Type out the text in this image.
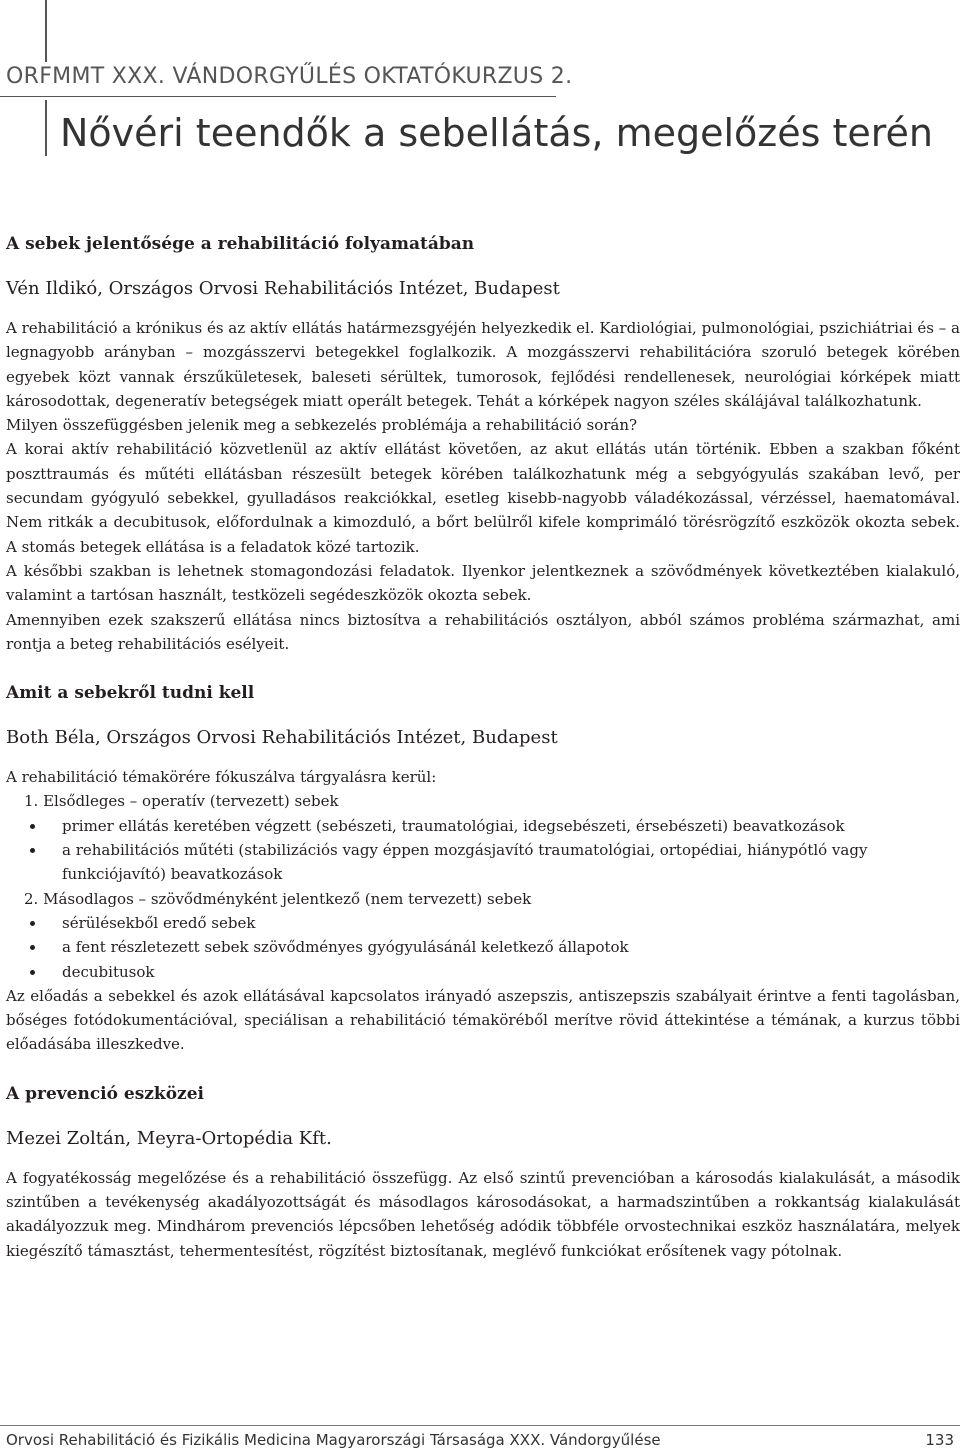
ORFMMT XXX. VÁNDORGYŰLÉS OKTATÓKURZUS 2.
Nővéri teendők a sebellátás, megelőzés terén
A sebek jelentősége a rehabilitáció folyamatában
Vén Ildikó, Országos Orvosi Rehabilitációs Intézet, Budapest

A rehabilitáció a krónikus és az aktív ellátás határmezsgyéjén helyezkedik el. Kardiológiai, pulmonológiai, pszichiátriai és – a legnagyobb arányban – mozgásszervi betegekkel foglalkozik. A mozgásszervi rehabilitációra szoruló betegek körében egyebek közt vannak érszűkületesek, baleseti sérültek, tumorosok, fejlődési rendellenesek, neurológiai kórképek miatt károsodottak, degeneratív betegségek miatt operált betegek. Tehát a kórképek nagyon széles skálájával találkozhatunk.

Milyen összefüggésben jelenik meg a sebkezelés problémája a rehabilitáció során?

A korai aktív rehabilitáció közvetlenül az aktív ellátást követően, az akut ellátás után történik. Ebben a szakban főként poszttraumás és műtéti ellátásban részesült betegek körében találkozhatunk még a sebgyógyulás szakában levő, per secundam gyógyuló sebekkel, gyulladásos reakciókkal, esetleg kisebb-nagyobb váladékozással, vérzéssel, haematomával. Nem ritkák a decubitusok, előfordulnak a kimozduló, a bőrt belülről kifele komprimáló törésrögzítő eszközök okozta sebek. A stomás betegek ellátása is a feladatok közé tartozik.

A későbbi szakban is lehetnek stomagondozási feladatok. Ilyenkor jelentkeznek a szövődmények következtében kialakuló, valamint a tartósan használt, testközeli segédeszközök okozta sebek.

Amennyiben ezek szakszerű ellátása nincs biztosítva a rehabilitációs osztályon, abból számos probléma származhat, ami rontja a beteg rehabilitációs esélyeit.

Amit a sebekről tudni kell
Both Béla, Országos Orvosi Rehabilitációs Intézet, Budapest

A rehabilitáció témakörére fókuszálva tárgyalásra kerül:

1. Elsődleges – operatív (tervezett) sebek
primer ellátás keretében végzett (sebészeti, traumatológiai, idegsebészeti, érsebészeti) beavatkozások
a rehabilitációs műtéti (stabilizációs vagy éppen mozgásjavító traumatológiai, ortopédiai, hiánypótló vagy funkciójavító) beavatkozások
2. Másodlagos – szövődményként jelentkező (nem tervezett) sebek
sérülésekből eredő sebek
a fent részletezett sebek szövődményes gyógyulásánál keletkező állapotok
decubitusok

Az előadás a sebekkel és azok ellátásával kapcsolatos irányadó aszepszis, antiszepszis szabályait érintve a fenti tagolásban, bőséges fotódokumentációval, speciálisan a rehabilitáció témaköréből merítve rövid áttekintése a témának, a kurzus többi előadásába illeszkedve.

A prevenció eszközei
Mezei Zoltán, Meyra-Ortopédia Kft.

A fogyatékosság megelőzése és a rehabilitáció összefügg. Az első szintű prevencióban a károsodás kialakulását, a második szintűben a tevékenység akadályozottságát és másodlagos károsodásokat, a harmadszintűben a rokkantság kialakulását akadályozzuk meg. Mindhárom prevenciós lépcsőben lehetőség adódik többféle orvostechnikai eszköz használatára, melyek kiegészítő támasztást, tehermentesítést, rögzítést biztosítanak, meglévő funkciókat erősítenek vagy pótolnak.

Orvosi Rehabilitáció és Fizikális Medicina Magyarországi Társasága XXX. Vándorgyűlése	133
